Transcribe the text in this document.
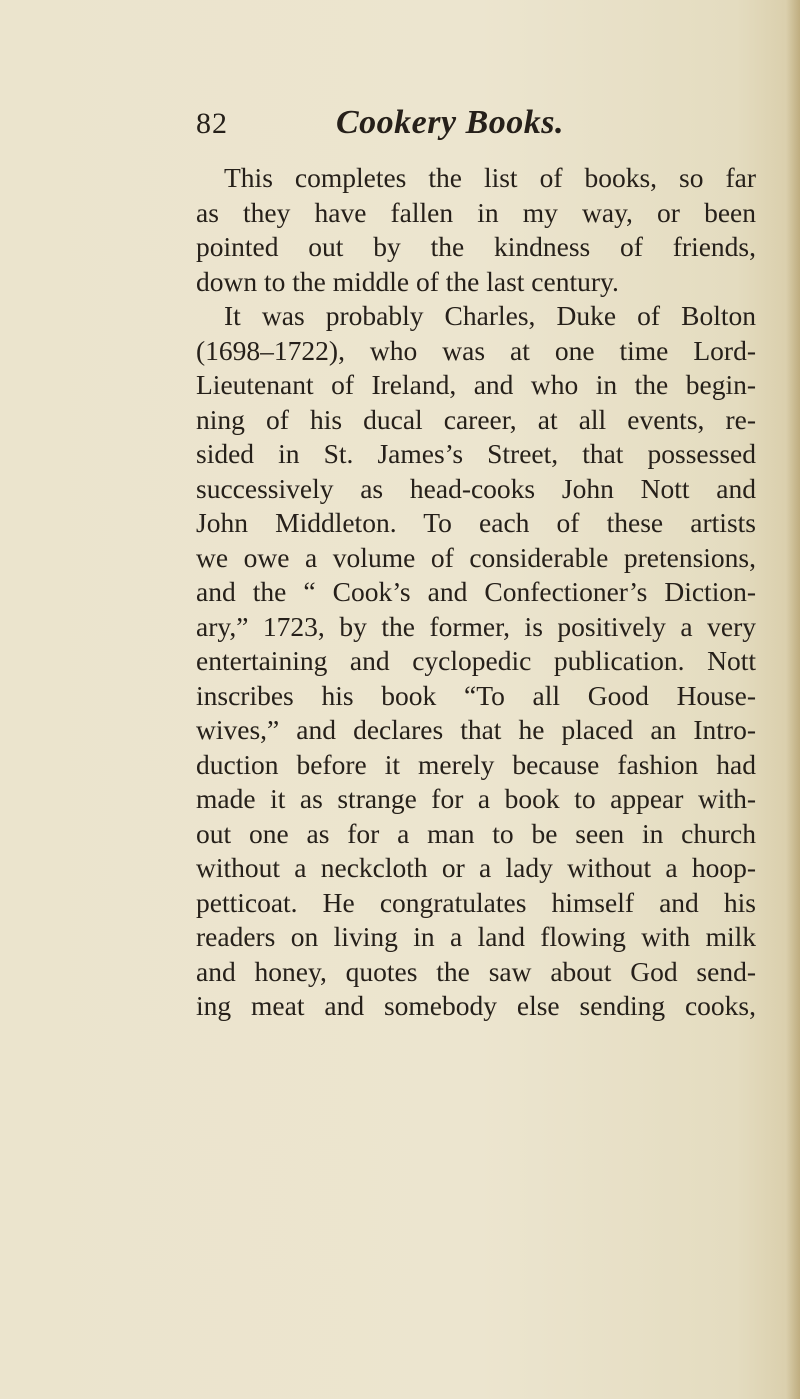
82	Cookery Books.
This completes the list of books, so far
as they have fallen in my way, or been
pointed out by the kindness of friends,
down to the middle of the last century.
It was probably Charles, Duke of Bolton
(1698–1722), who was at one time Lord-
Lieutenant of Ireland, and who in the begin-
ning of his ducal career, at all events, re-
sided in St. James’s Street, that possessed
successively as head-cooks John Nott and
John Middleton. To each of these artists
we owe a volume of considerable pretensions,
and the “ Cook’s and Confectioner’s Diction-
ary,” 1723, by the former, is positively a very
entertaining and cyclopedic publication. Nott
inscribes his book “To all Good House-
wives,” and declares that he placed an Intro-
duction before it merely because fashion had
made it as strange for a book to appear with-
out one as for a man to be seen in church
without a neckcloth or a lady without a hoop-
petticoat. He congratulates himself and his
readers on living in a land flowing with milk
and honey, quotes the saw about God send-
ing meat and somebody else sending cooks,
